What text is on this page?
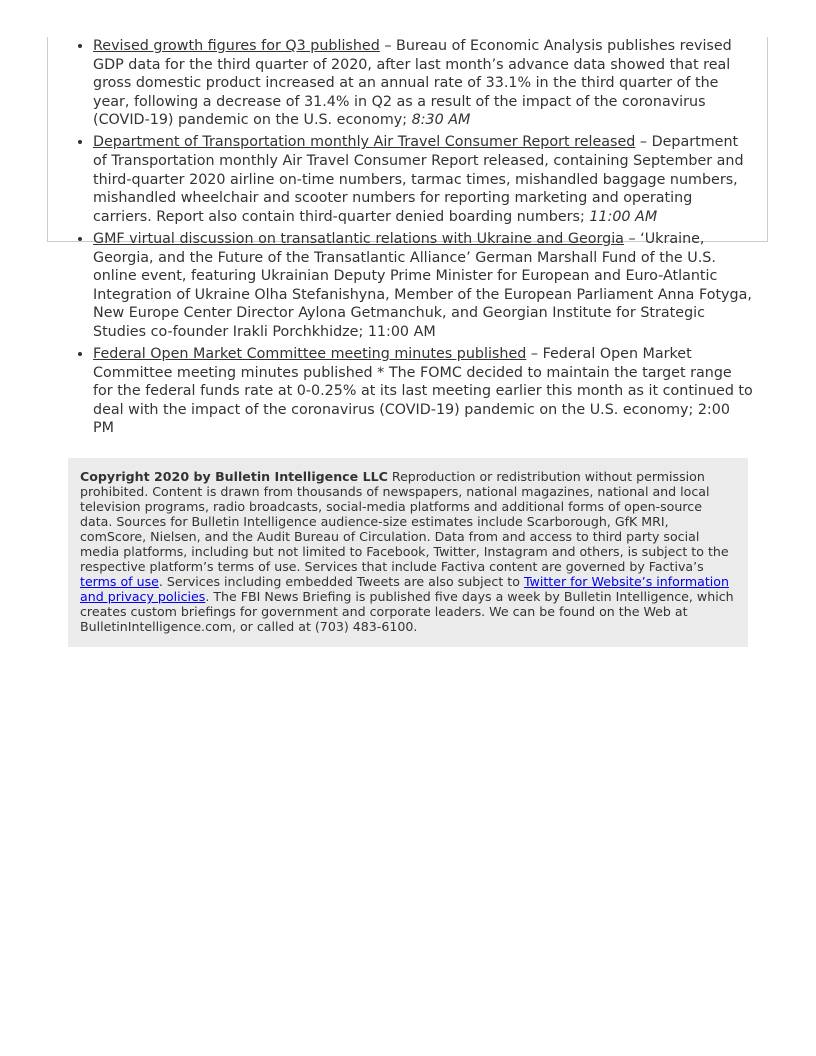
• Revised growth figures for Q3 published – Bureau of Economic Analysis publishes revised GDP data for the third quarter of 2020, after last month’s advance data showed that real gross domestic product increased at an annual rate of 33.1% in the third quarter of the year, following a decrease of 31.4% in Q2 as a result of the impact of the coronavirus (COVID-19) pandemic on the U.S. economy; 8:30 AM
• Department of Transportation monthly Air Travel Consumer Report released – Department of Transportation monthly Air Travel Consumer Report released, containing September and third-quarter 2020 airline on-time numbers, tarmac times, mishandled baggage numbers, mishandled wheelchair and scooter numbers for reporting marketing and operating carriers. Report also contain third-quarter denied boarding numbers; 11:00 AM
• GMF virtual discussion on transatlantic relations with Ukraine and Georgia – ‘Ukraine, Georgia, and the Future of the Transatlantic Alliance’ German Marshall Fund of the U.S. online event, featuring Ukrainian Deputy Prime Minister for European and Euro-Atlantic Integration of Ukraine Olha Stefanishyna, Member of the European Parliament Anna Fotyga, New Europe Center Director Aylona Getmanchuk, and Georgian Institute for Strategic Studies co-founder Irakli Porchkhidze; 11:00 AM
• Federal Open Market Committee meeting minutes published – Federal Open Market Committee meeting minutes published * The FOMC decided to maintain the target range for the federal funds rate at 0-0.25% at its last meeting earlier this month as it continued to deal with the impact of the coronavirus (COVID-19) pandemic on the U.S. economy; 2:00 PM

Copyright 2020 by Bulletin Intelligence LLC Reproduction or redistribution without permission prohibited. Content is drawn from thousands of newspapers, national magazines, national and local television programs, radio broadcasts, social-media platforms and additional forms of open-source data. Sources for Bulletin Intelligence audience-size estimates include Scarborough, GfK MRI, comScore, Nielsen, and the Audit Bureau of Circulation. Data from and access to third party social media platforms, including but not limited to Facebook, Twitter, Instagram and others, is subject to the respective platform’s terms of use. Services that include Factiva content are governed by Factiva’s terms of use. Services including embedded Tweets are also subject to Twitter for Website’s information and privacy policies. The FBI News Briefing is published five days a week by Bulletin Intelligence, which creates custom briefings for government and corporate leaders. We can be found on the Web at BulletinIntelligence.com, or called at (703) 483-6100.
